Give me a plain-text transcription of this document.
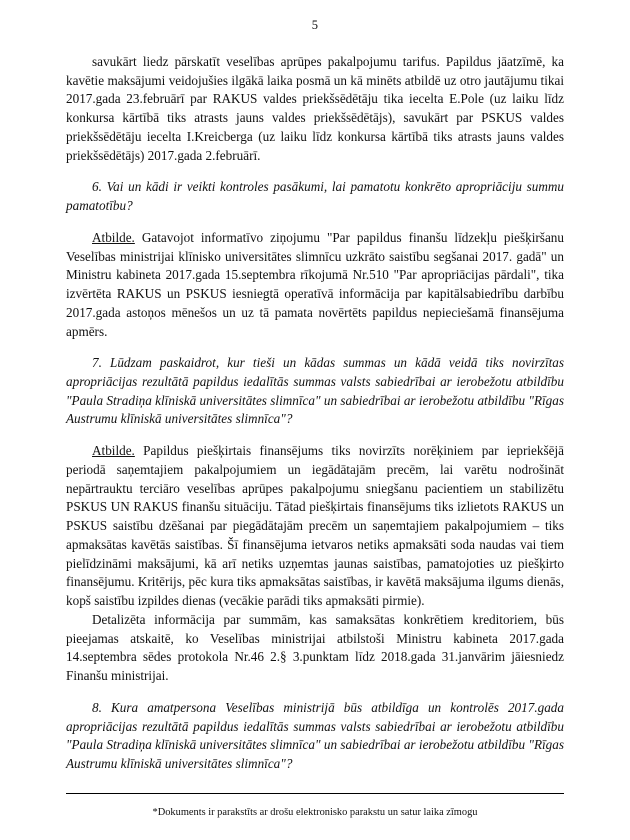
5

savukārt liedz pārskatīt veselības aprūpes pakalpojumu tarifus. Papildus jāatzīmē, ka kavētie maksājumi veidojušies ilgākā laika posmā un kā minēts atbildē uz otro jautājumu tikai 2017.gada 23.februārī par RAKUS valdes priekšsēdētāju tika iecelta E.Pole (uz laiku līdz konkursa kārtībā tiks atrasts jauns valdes priekšsēdētājs), savukārt par PSKUS valdes priekšsēdētāju iecelta I.Kreicberga (uz laiku līdz konkursa kārtībā tiks atrasts jauns valdes priekšsēdētājs) 2017.gada 2.februārī.

6. Vai un kādi ir veikti kontroles pasākumi, lai pamatotu konkrēto apropriāciju summu pamatotību?

Atbilde. Gatavojot informatīvo ziņojumu "Par papildus finanšu līdzekļu piešķiršanu Veselības ministrijai klīnisko universitātes slimnīcu uzkrāto saistību segšanai 2017. gadā" un Ministru kabineta 2017.gada 15.septembra rīkojumā Nr.510 "Par apropriācijas pārdali", tika izvērtēta RAKUS un PSKUS iesniegtā operatīvā informācija par kapitālsabiedrību darbību 2017.gada astoņos mēnešos un uz tā pamata novērtēts papildus nepieciešamā finansējuma apmērs.

7. Lūdzam paskaidrot, kur tieši un kādas summas un kādā veidā tiks novirzītas apropriācijas rezultātā papildus iedalītās summas valsts sabiedrībai ar ierobežotu atbildību "Paula Stradiņa klīniskā universitātes slimnīca" un sabiedrībai ar ierobežotu atbildību "Rīgas Austrumu klīniskā universitātes slimnīca"?

Atbilde. Papildus piešķirtais finansējums tiks novirzīts norēķiniem par iepriekšējā periodā saņemtajiem pakalpojumiem un iegādātajām precēm, lai varētu nodrošināt nepārtrauktu terciāro veselības aprūpes pakalpojumu sniegšanu pacientiem un stabilizētu PSKUS UN RAKUS finanšu situāciju. Tātad piešķirtais finansējums tiks izlietots RAKUS un PSKUS saistību dzēšanai par piegādātajām precēm un saņemtajiem pakalpojumiem – tiks apmaksātas kavētās saistības. Šī finansējuma ietvaros netiks apmaksāti soda naudas vai tiem pielīdzināmi maksājumi, kā arī netiks uzņemtas jaunas saistības, pamatojoties uz piešķirto finansējumu. Kritērijs, pēc kura tiks apmaksātas saistības, ir kavētā maksājuma ilgums dienās, kopš saistību izpildes dienas (vecākie parādi tiks apmaksāti pirmie).

Detalizēta informācija par summām, kas samaksātas konkrētiem kreditoriem, būs pieejamas atskaitē, ko Veselības ministrijai atbilstoši Ministru kabineta 2017.gada 14.septembra sēdes protokola Nr.46 2.§ 3.punktam līdz 2018.gada 31.janvārim jāiesniedz Finanšu ministrijai.

8. Kura amatpersona Veselības ministrijā būs atbildīga un kontrolēs 2017.gada apropriācijas rezultātā papildus iedalītās summas valsts sabiedrībai ar ierobežotu atbildību "Paula Stradiņa klīniskā universitātes slimnīca" un sabiedrībai ar ierobežotu atbildību "Rīgas Austrumu klīniskā universitātes slimnīca"?

*Dokuments ir parakstīts ar drošu elektronisko parakstu un satur laika zīmogu
